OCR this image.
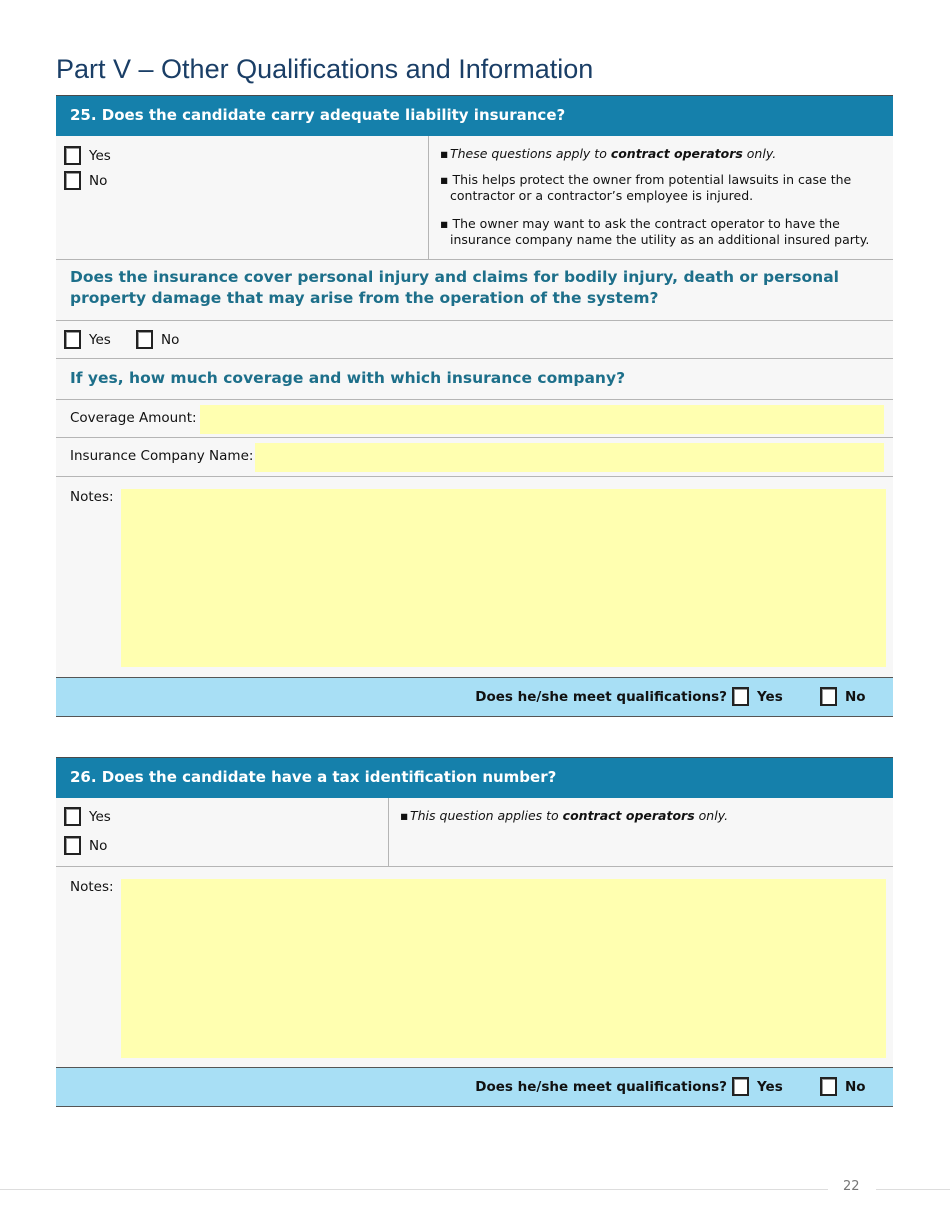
Part V – Other Qualifications and Information
25. Does the candidate carry adequate liability insurance?
Yes
No
▪ These questions apply to contract operators only.
▪ This helps protect the owner from potential lawsuits in case the contractor or a contractor’s employee is injured.
▪ The owner may want to ask the contract operator to have the insurance company name the utility as an additional insured party.
Does the insurance cover personal injury and claims for bodily injury, death or personal property damage that may arise from the operation of the system?
Yes	No
If yes, how much coverage and with which insurance company?
Coverage Amount:
Insurance Company Name:
Notes:
Does he/she meet qualifications? Yes	No
26. Does the candidate have a tax identification number?
Yes
No
▪ This question applies to contract operators only.
Notes:
Does he/she meet qualifications? Yes	No
22
